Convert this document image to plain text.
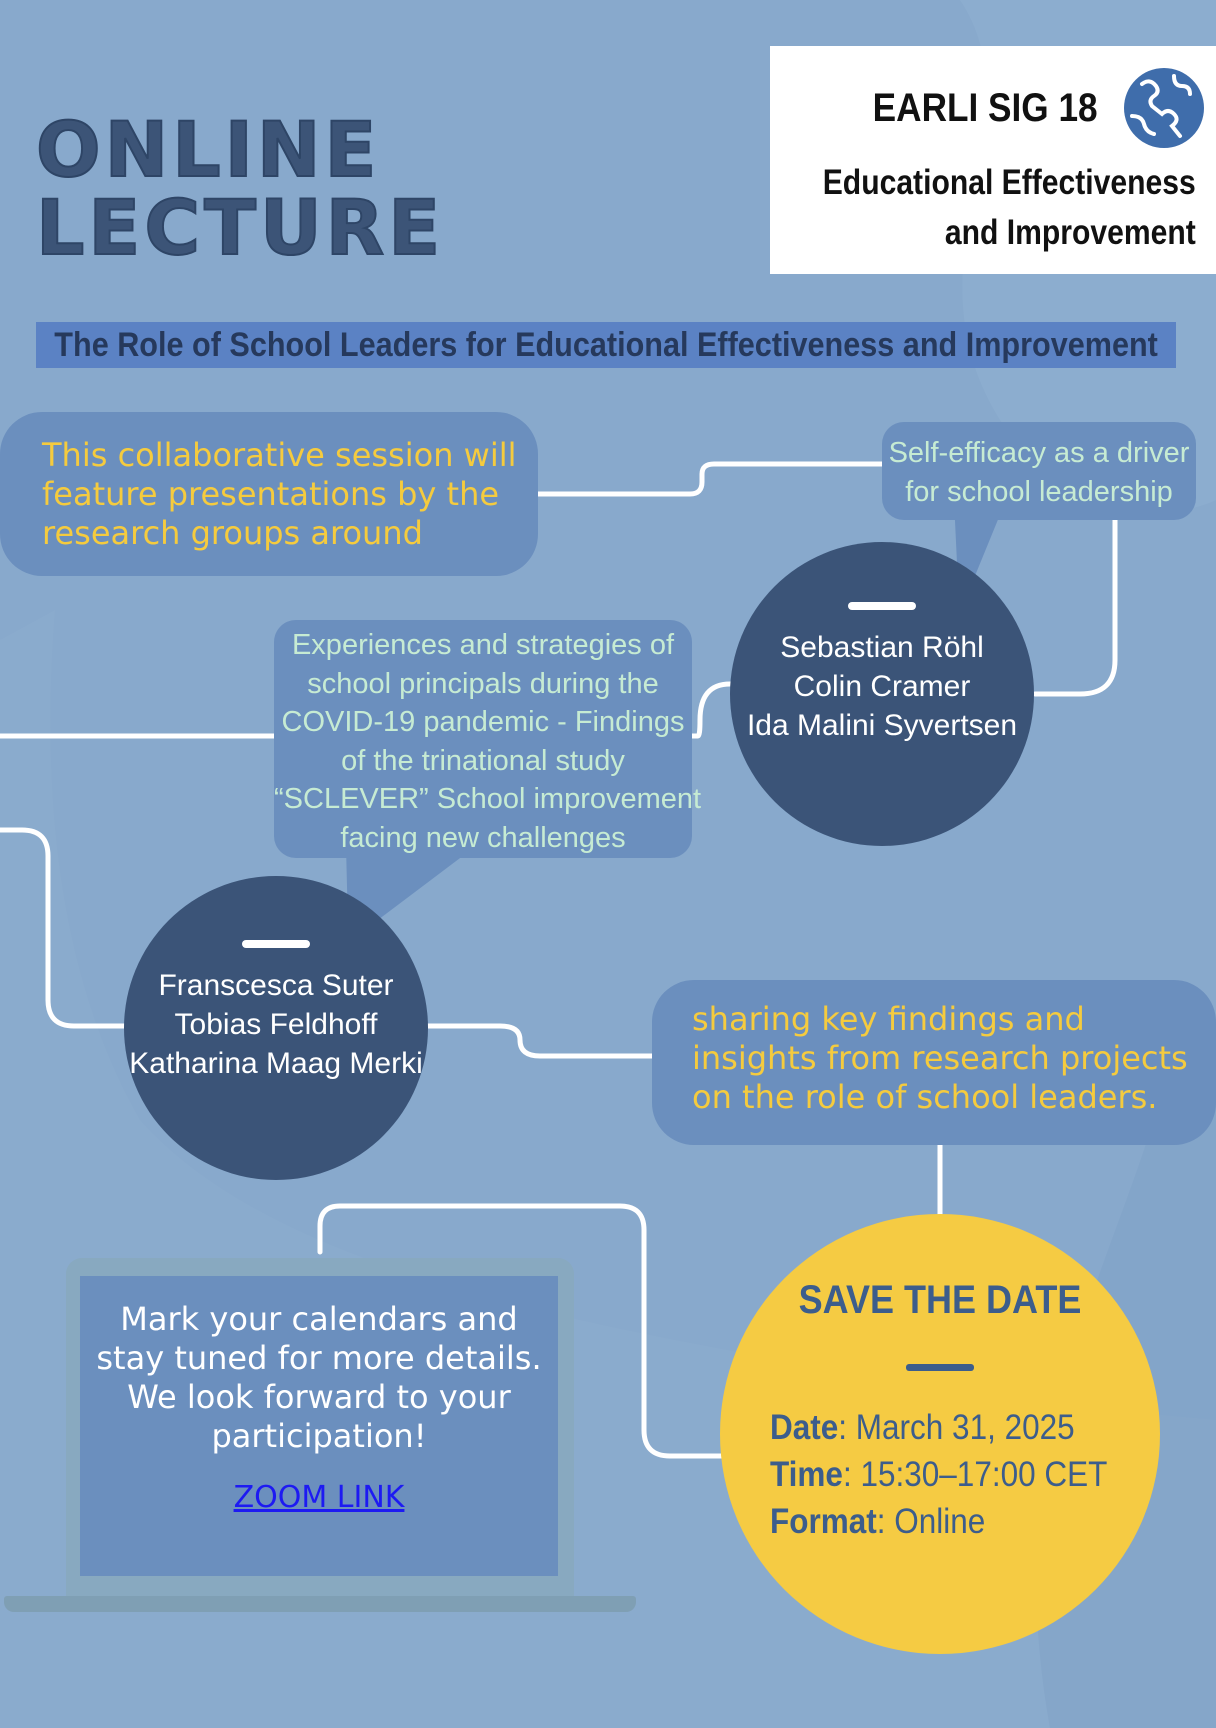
ONLINE
LECTURE
EARLI SIG 18
Educational Effectiveness
and Improvement
The Role of School Leaders for Educational Effectiveness and Improvement

This collaborative session will

feature presentations by the

research groups around

Self-efficacy as a driver

for school leadership

Sebastian Röhl

Colin Cramer

Ida Malini Syvertsen

Experiences and strategies of

school principals during the

COVID-19 pandemic - Findings

of the trinational study

“SCLEVER” School improvement

facing new challenges

Franscesca Suter

Tobias Feldhoff

Katharina Maag Merki

sharing key findings and

insights from research projects

on the role of school leaders.

Mark your calendars and

stay tuned for more details.

We look forward to your

participation!

ZOOM LINK
SAVE THE DATE

Date: March 31, 2025

Time: 15:30–17:00 CET

Format: Online
